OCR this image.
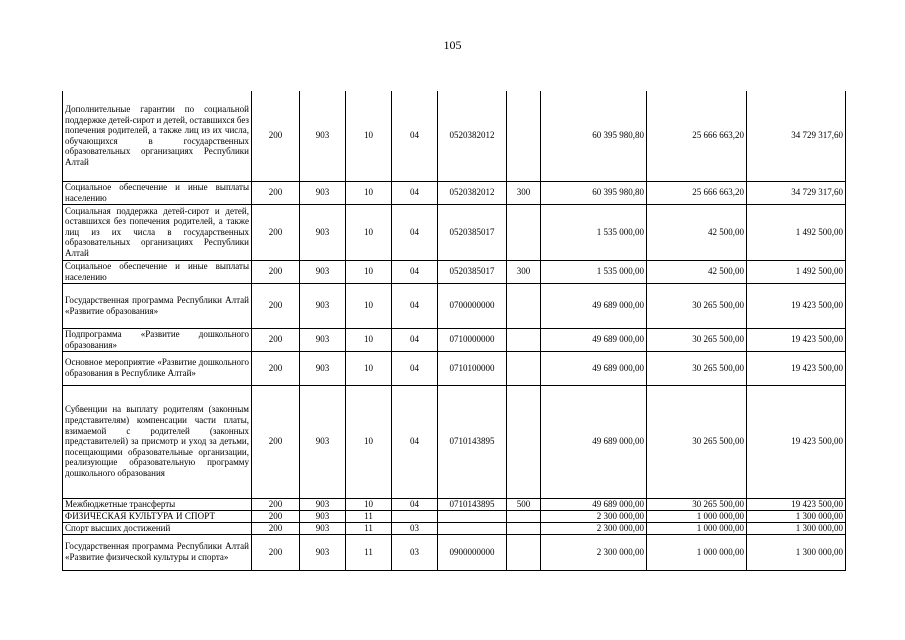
105
Дополнительные гарантии по социальной поддержке детей-сирот и детей, оставшихся без попечения родителей, а также лиц из их числа, обучающихся в государственных образовательных организациях Республики Алтай	200	903	10	04	0520382012		60 395 980,80	25 666 663,20	34 729 317,60
Социальное обеспечение и иные выплаты населению	200	903	10	04	0520382012	300	60 395 980,80	25 666 663,20	34 729 317,60
Социальная поддержка детей-сирот и детей, оставшихся без попечения родителей, а также лиц из их числа в государственных образовательных организациях Республики Алтай	200	903	10	04	0520385017		1 535 000,00	42 500,00	1 492 500,00
Социальное обеспечение и иные выплаты населению	200	903	10	04	0520385017	300	1 535 000,00	42 500,00	1 492 500,00
Государственная программа Республики Алтай «Развитие образования»	200	903	10	04	0700000000		49 689 000,00	30 265 500,00	19 423 500,00
Подпрограмма «Развитие дошкольного образования»	200	903	10	04	0710000000		49 689 000,00	30 265 500,00	19 423 500,00
Основное мероприятие «Развитие дошкольного образования в Республике Алтай»	200	903	10	04	0710100000		49 689 000,00	30 265 500,00	19 423 500,00
Субвенции на выплату родителям (законным представителям) компенсации части платы, взимаемой с родителей (законных представителей) за присмотр и уход за детьми, посещающими образовательные организации, реализующие образовательную программу дошкольного образования	200	903	10	04	0710143895		49 689 000,00	30 265 500,00	19 423 500,00
Межбюджетные трансферты	200	903	10	04	0710143895	500	49 689 000,00	30 265 500,00	19 423 500,00
ФИЗИЧЕСКАЯ КУЛЬТУРА И СПОРТ	200	903	11				2 300 000,00	1 000 000,00	1 300 000,00
Спорт высших достижений	200	903	11	03			2 300 000,00	1 000 000,00	1 300 000,00
Государственная программа Республики Алтай «Развитие физической культуры и спорта»	200	903	11	03	0900000000		2 300 000,00	1 000 000,00	1 300 000,00
